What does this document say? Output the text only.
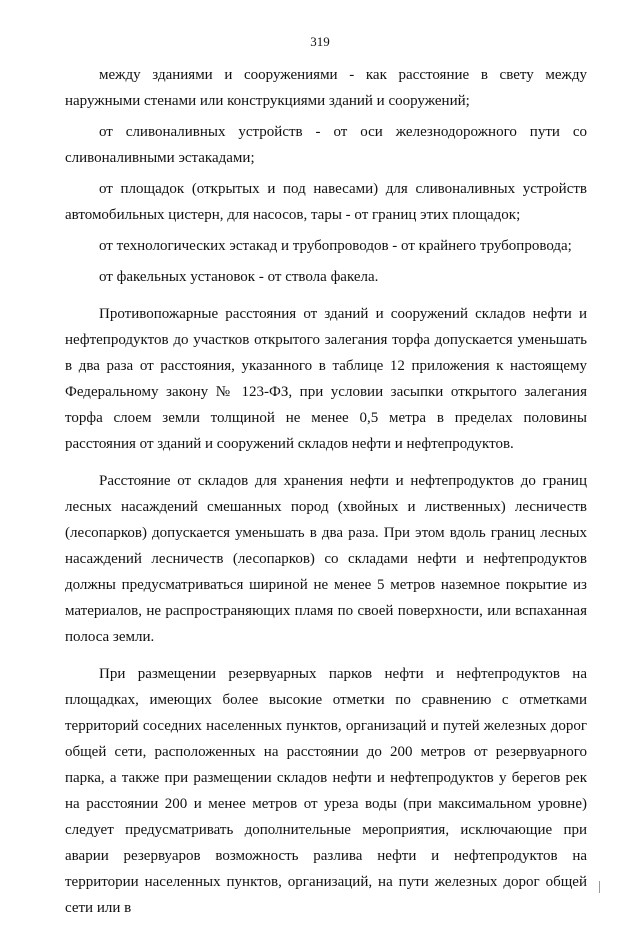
319

между зданиями и сооружениями - как расстояние в свету между наружными стенами или конструкциями зданий и сооружений;

от сливоналивных устройств - от оси железнодорожного пути со сливоналивными эстакадами;

от площадок (открытых и под навесами) для сливоналивных устройств автомобильных цистерн, для насосов, тары - от границ этих площадок;

от технологических эстакад и трубопроводов - от крайнего трубопровода;

от факельных установок - от ствола факела.

Противопожарные расстояния от зданий и сооружений складов нефти и нефтепродуктов до участков открытого залегания торфа допускается уменьшать в два раза от расстояния, указанного в таблице 12 приложения к настоящему Федеральному закону № 123-ФЗ, при условии засыпки открытого залегания торфа слоем земли толщиной не менее 0,5 метра в пределах половины расстояния от зданий и сооружений складов нефти и нефтепродуктов.

Расстояние от складов для хранения нефти и нефтепродуктов до границ лесных насаждений смешанных пород (хвойных и лиственных) лесничеств (лесопарков) допускается уменьшать в два раза. При этом вдоль границ лесных насаждений лесничеств (лесопарков) со складами нефти и нефтепродуктов должны предусматриваться шириной не менее 5 метров наземное покрытие из материалов, не распространяющих пламя по своей поверхности, или вспаханная полоса земли.

При размещении резервуарных парков нефти и нефтепродуктов на площадках, имеющих более высокие отметки по сравнению с отметками территорий соседних населенных пунктов, организаций и путей железных дорог общей сети, расположенных на расстоянии до 200 метров от резервуарного парка, а также при размещении складов нефти и нефтепродуктов у берегов рек на расстоянии 200 и менее метров от уреза воды (при максимальном уровне) следует предусматривать дополнительные мероприятия, исключающие при аварии резервуаров возможность разлива нефти и нефтепродуктов на территории населенных пунктов, организаций, на пути железных дорог общей сети или в
